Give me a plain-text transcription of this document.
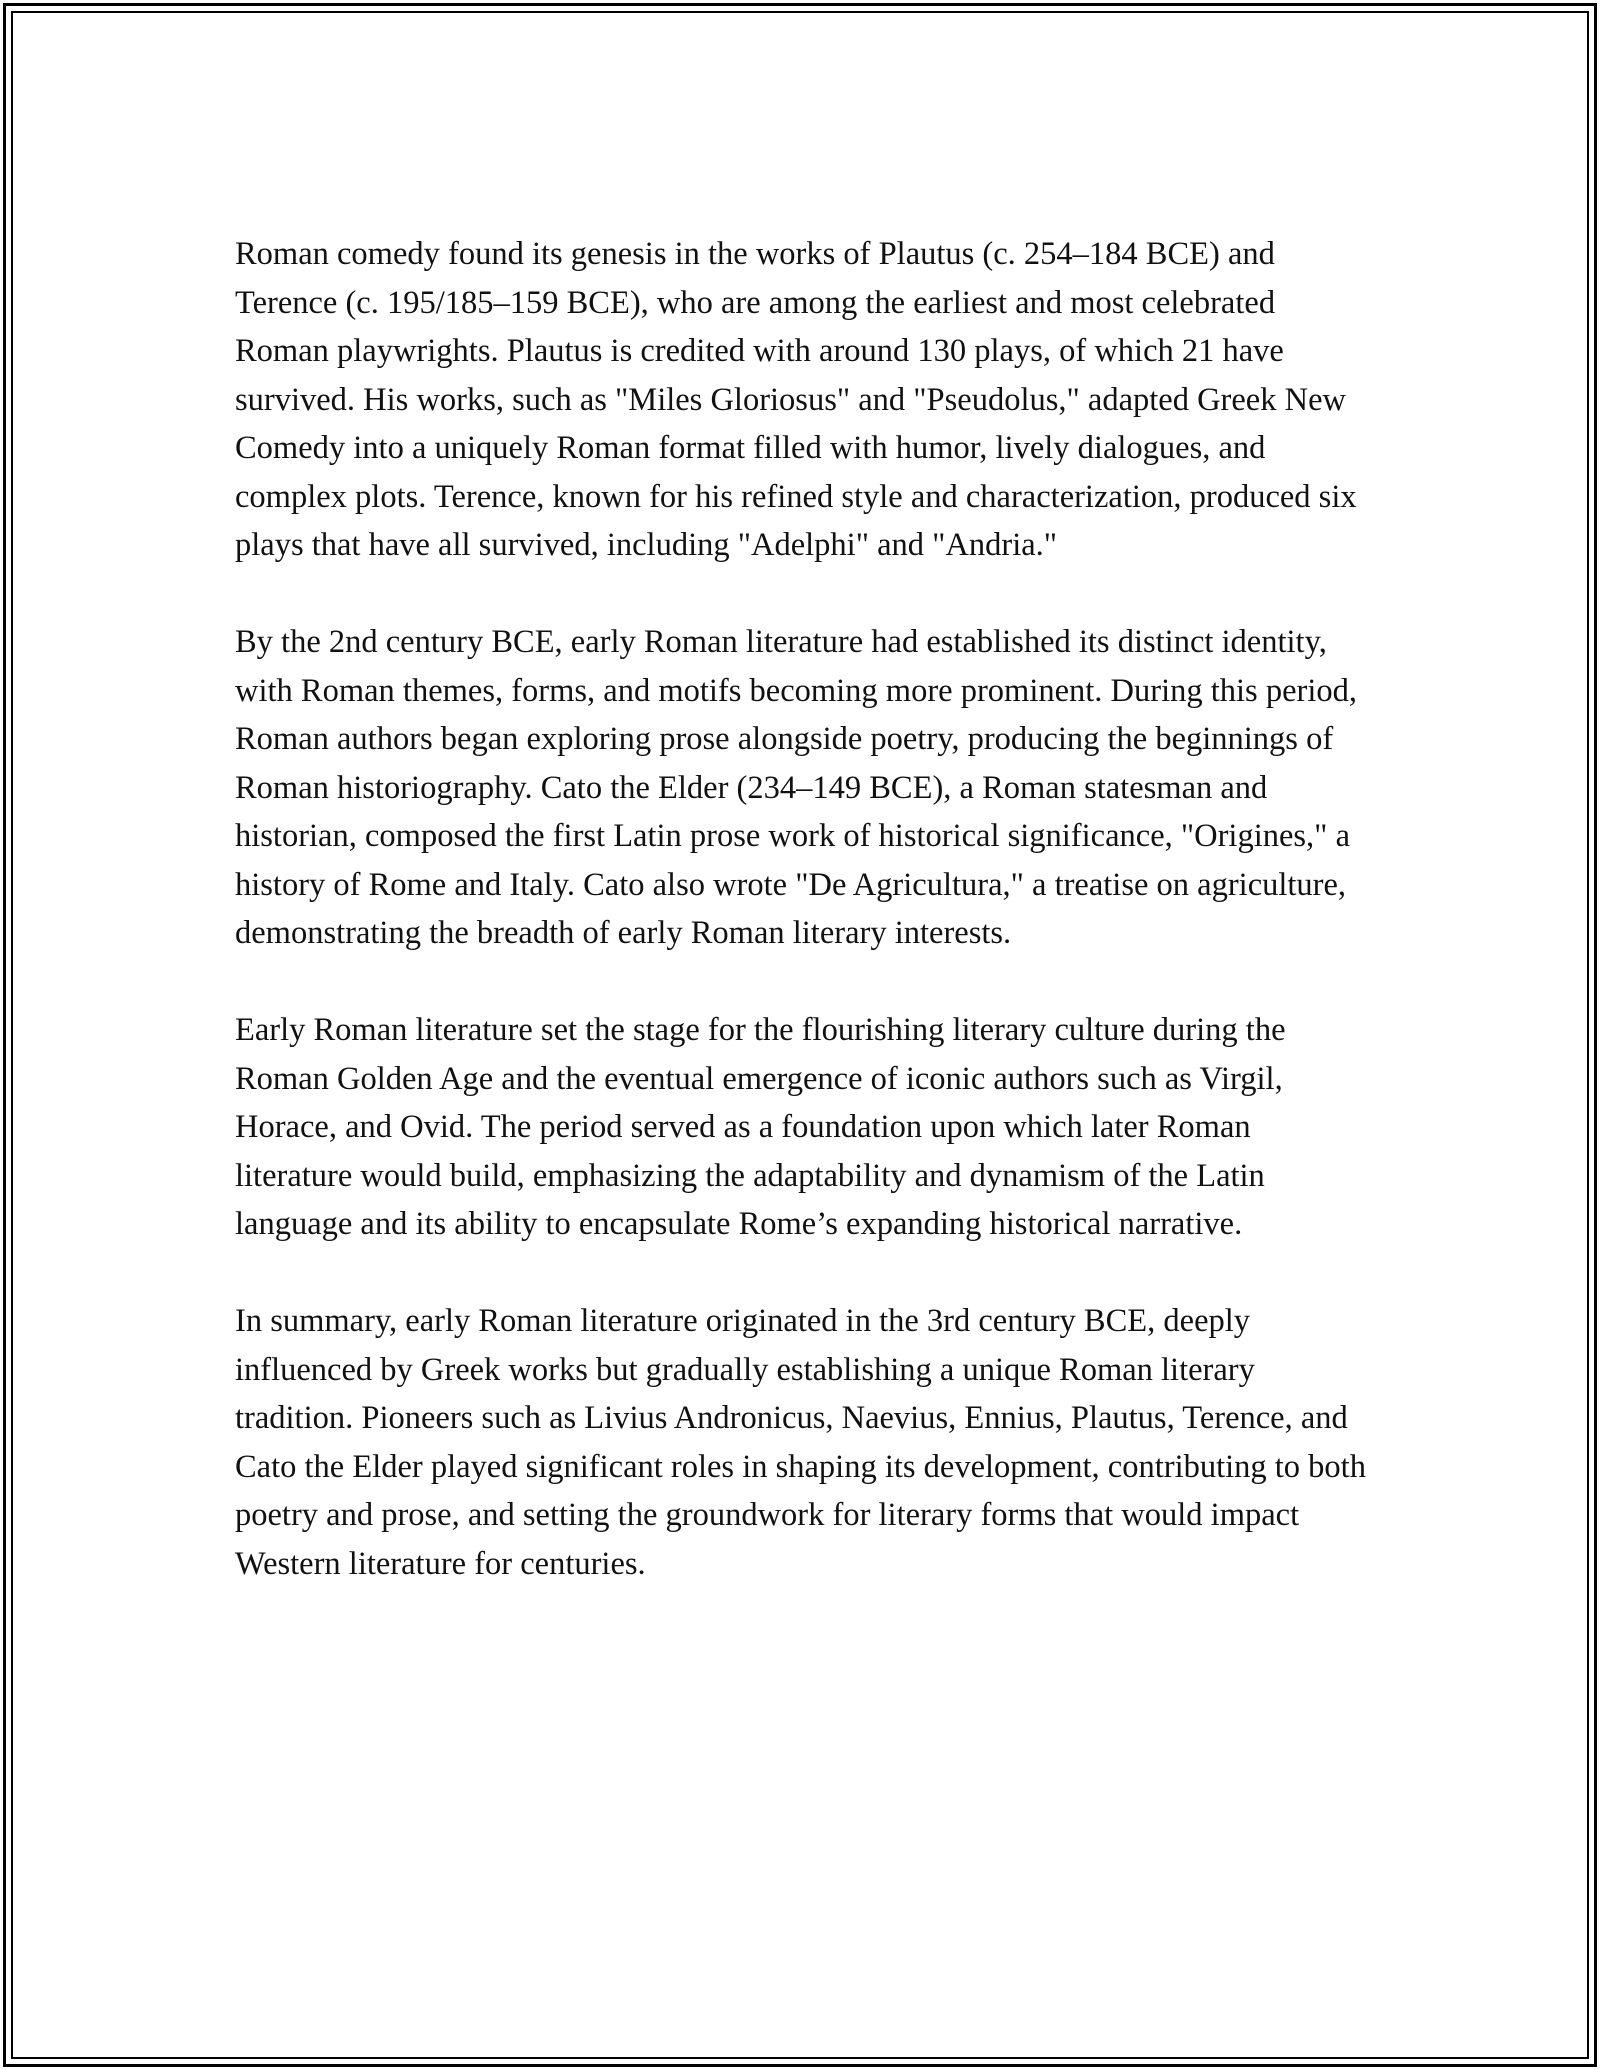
Roman comedy found its genesis in the works of Plautus (c. 254–184 BCE) and Terence (c. 195/185–159 BCE), who are among the earliest and most celebrated Roman playwrights. Plautus is credited with around 130 plays, of which 21 have survived. His works, such as "Miles Gloriosus" and "Pseudolus," adapted Greek New Comedy into a uniquely Roman format filled with humor, lively dialogues, and complex plots. Terence, known for his refined style and characterization, produced six plays that have all survived, including "Adelphi" and "Andria."

By the 2nd century BCE, early Roman literature had established its distinct identity, with Roman themes, forms, and motifs becoming more prominent. During this period, Roman authors began exploring prose alongside poetry, producing the beginnings of Roman historiography. Cato the Elder (234–149 BCE), a Roman statesman and historian, composed the first Latin prose work of historical significance, "Origines," a history of Rome and Italy. Cato also wrote "De Agricultura," a treatise on agriculture, demonstrating the breadth of early Roman literary interests.

Early Roman literature set the stage for the flourishing literary culture during the Roman Golden Age and the eventual emergence of iconic authors such as Virgil, Horace, and Ovid. The period served as a foundation upon which later Roman literature would build, emphasizing the adaptability and dynamism of the Latin language and its ability to encapsulate Rome’s expanding historical narrative.

In summary, early Roman literature originated in the 3rd century BCE, deeply influenced by Greek works but gradually establishing a unique Roman literary tradition. Pioneers such as Livius Andronicus, Naevius, Ennius, Plautus, Terence, and Cato the Elder played significant roles in shaping its development, contributing to both poetry and prose, and setting the groundwork for literary forms that would impact Western literature for centuries.
